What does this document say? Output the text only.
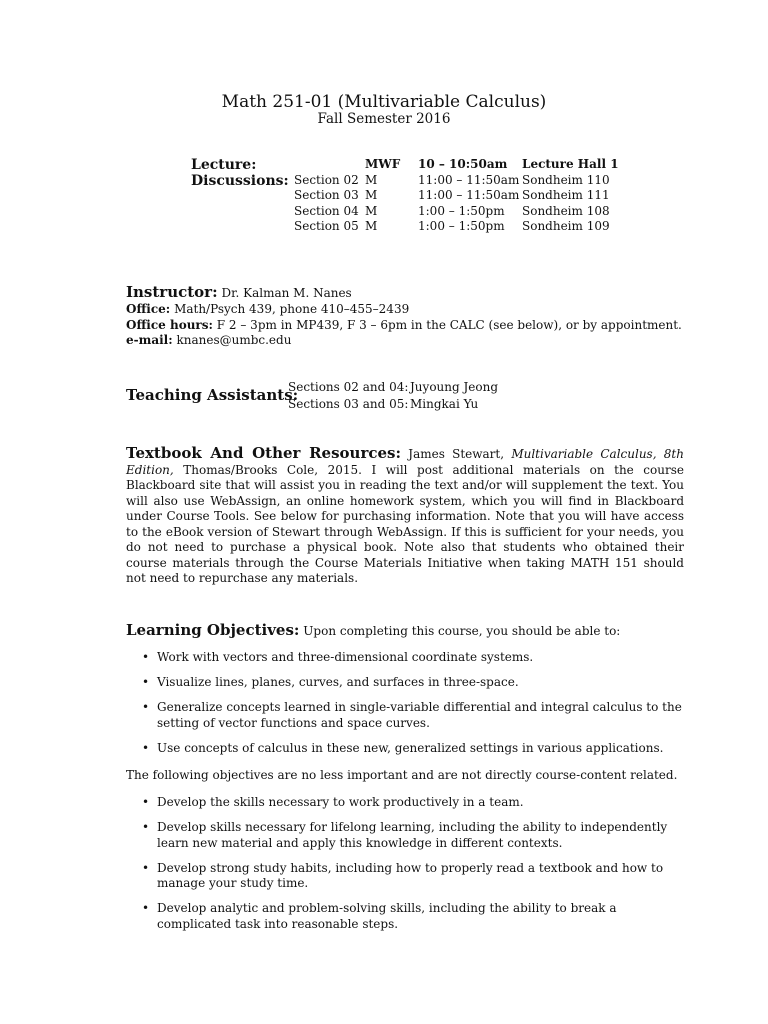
Math 251-01 (Multivariable Calculus)
Fall Semester 2016
Lecture:
Discussions:
Section 02
Section 03
Section 04
Section 05
MWF
M
M
M
M
10 – 10:50am
11:00 – 11:50am
11:00 – 11:50am
1:00 – 1:50pm
1:00 – 1:50pm
Lecture Hall 1
Sondheim 110
Sondheim 111
Sondheim 108
Sondheim 109
Instructor: Dr. Kalman M. Nanes
Office: Math/Psych 439, phone 410–455–2439
Office hours: F 2 – 3pm in MP439, F 3 – 6pm in the CALC (see below), or by appointment.
e-mail: knanes@umbc.edu
Teaching Assistants:
Sections 02 and 04: Juyoung Jeong
Sections 03 and 05: Mingkai Yu
Textbook And Other Resources: James Stewart, Multivariable Calculus, 8th Edition, Thomas/Brooks Cole, 2015. I will post additional materials on the course Blackboard site that will assist you in reading the text and/or will supplement the text. You will also use WebAssign, an online homework system, which you will find in Blackboard under Course Tools. See below for purchasing information. Note that you will have access to the eBook version of Stewart through WebAssign. If this is sufficient for your needs, you do not need to purchase a physical book. Note also that students who obtained their course materials through the Course Materials Initiative when taking MATH 151 should not need to repurchase any materials.
Learning Objectives: Upon completing this course, you should be able to:
• Work with vectors and three-dimensional coordinate systems.
• Visualize lines, planes, curves, and surfaces in three-space.
• Generalize concepts learned in single-variable differential and integral calculus to the setting of vector functions and space curves.
• Use concepts of calculus in these new, generalized settings in various applications.
The following objectives are no less important and are not directly course-content related.
• Develop the skills necessary to work productively in a team.
• Develop skills necessary for lifelong learning, including the ability to independently learn new material and apply this knowledge in different contexts.
• Develop strong study habits, including how to properly read a textbook and how to manage your study time.
• Develop analytic and problem-solving skills, including the ability to break a complicated task into reasonable steps.
